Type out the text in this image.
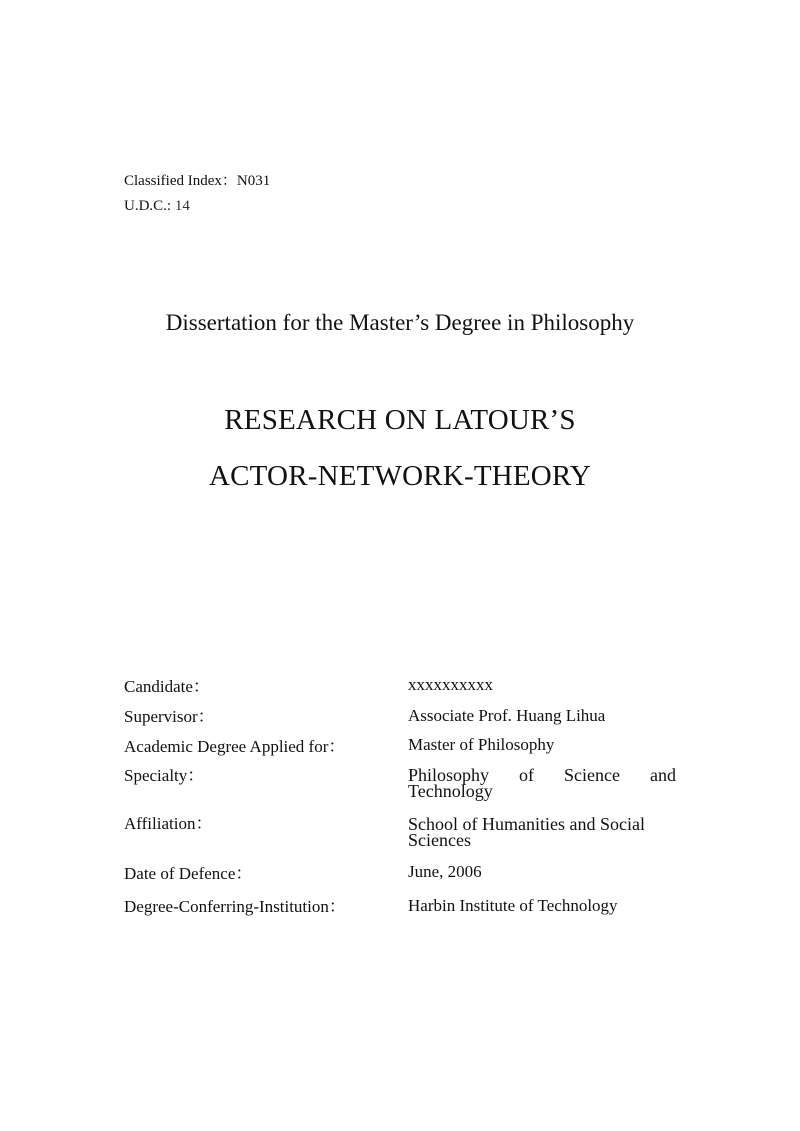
Classified Index：N031
U.D.C.: 14
Dissertation for the Master’s Degree in Philosophy
RESEARCH ON LATOUR’S
ACTOR-NETWORK-THEORY
Candidate：	xxxxxxxxxx
Supervisor：	Associate Prof. Huang Lihua
Academic Degree Applied for：	Master of Philosophy
Specialty：	Philosophy of Science and
Technology
Affiliation：	School of Humanities and Social
Sciences
Date of Defence：	June, 2006
Degree-Conferring-Institution：	Harbin Institute of Technology
